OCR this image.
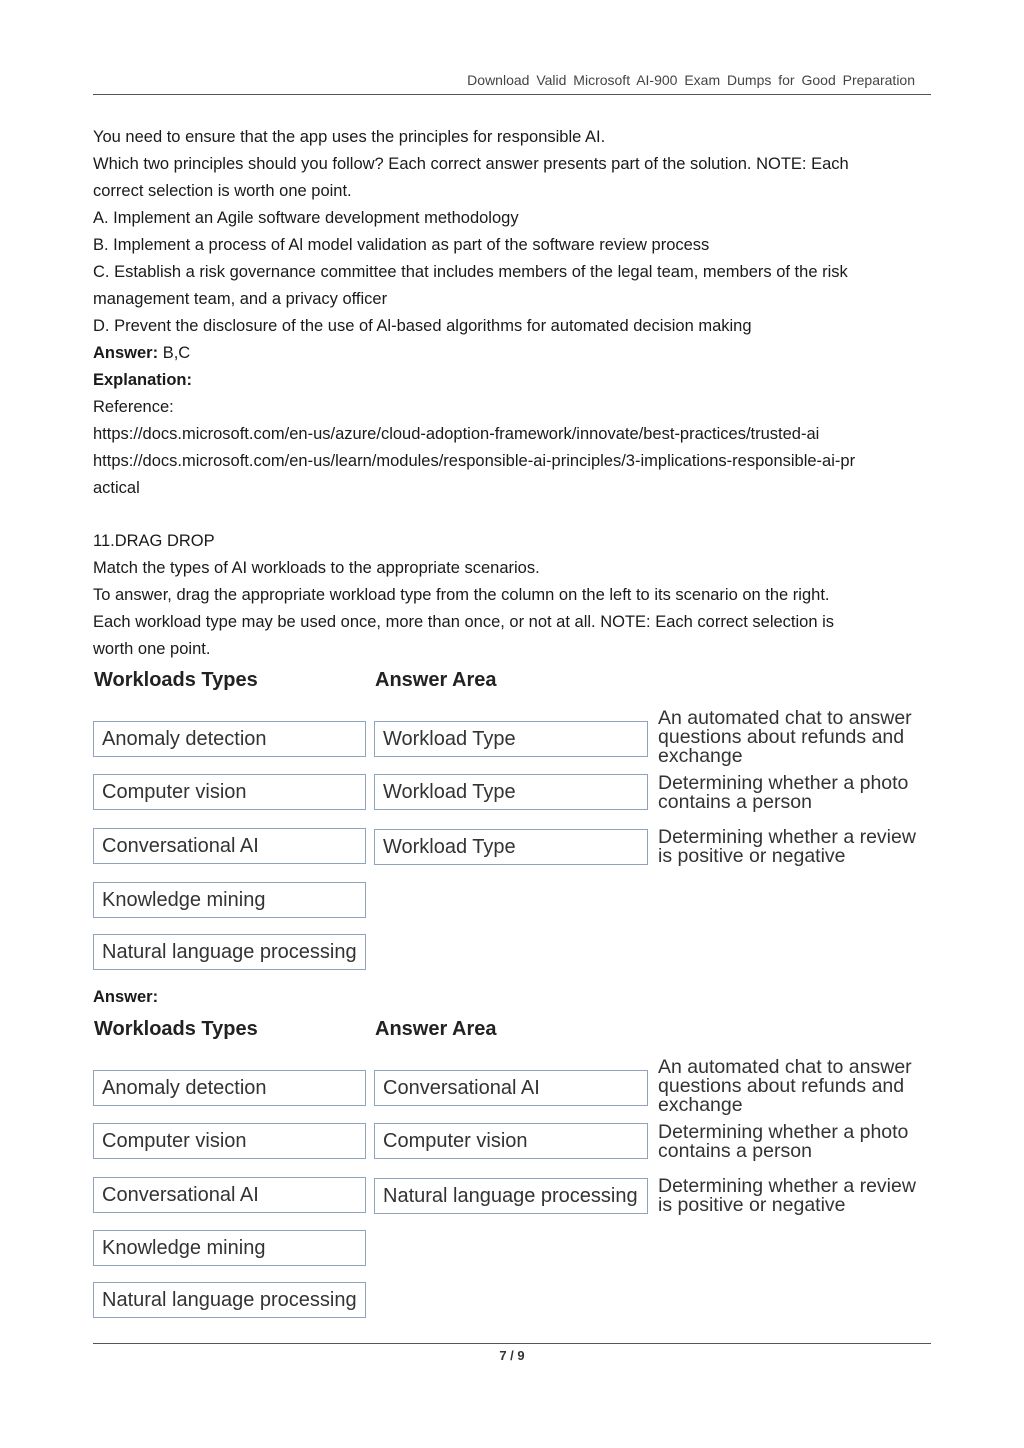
Download Valid Microsoft AI-900 Exam Dumps for Good Preparation
You need to ensure that the app uses the principles for responsible AI.
Which two principles should you follow? Each correct answer presents part of the solution. NOTE: Each
correct selection is worth one point.
A. Implement an Agile software development methodology
B. Implement a process of Al model validation as part of the software review process
C. Establish a risk governance committee that includes members of the legal team, members of the risk
management team, and a privacy officer
D. Prevent the disclosure of the use of Al-based algorithms for automated decision making
Answer: B,C
Explanation:
Reference:
https://docs.microsoft.com/en-us/azure/cloud-adoption-framework/innovate/best-practices/trusted-ai
https://docs.microsoft.com/en-us/learn/modules/responsible-ai-principles/3-implications-responsible-ai-pr
actical
11.DRAG DROP
Match the types of AI workloads to the appropriate scenarios.
To answer, drag the appropriate workload type from the column on the left to its scenario on the right.
Each workload type may be used once, more than once, or not at all. NOTE: Each correct selection is
worth one point.
Workloads Types	Answer Area
Anomaly detection
Computer vision
Conversational AI
Knowledge mining
Natural language processing
Workload Type
Workload Type
Workload Type
An automated chat to answer
questions about refunds and
exchange
Determining whether a photo
contains a person
Determining whether a review
is positive or negative
Answer:
Workloads Types	Answer Area
Anomaly detection
Computer vision
Conversational AI
Knowledge mining
Natural language processing
Conversational AI
Computer vision
Natural language processing
An automated chat to answer
questions about refunds and
exchange
Determining whether a photo
contains a person
Determining whether a review
is positive or negative
7 / 9
